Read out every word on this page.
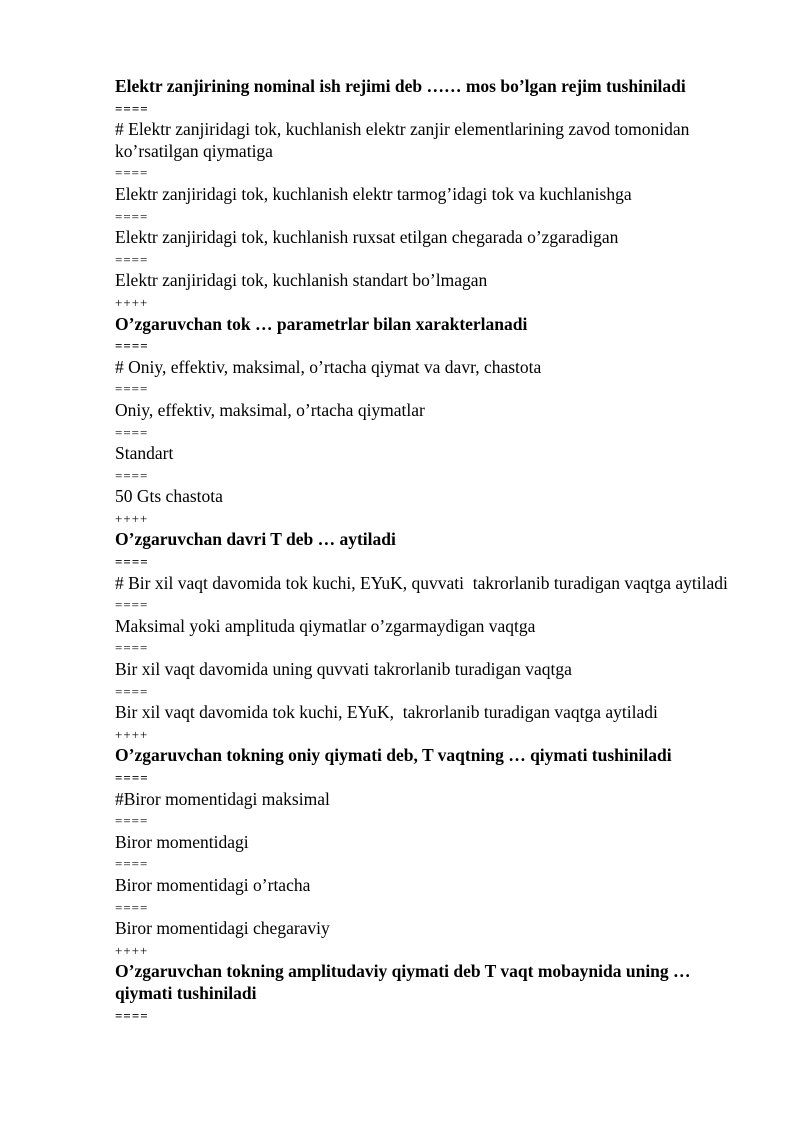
Elektr zanjirining nominal ish rejimi deb …… mos bo’lgan rejim tushiniladi

====

# Elektr zanjiridagi tok, kuchlanish elektr zanjir elementlarining zavod tomonidan ko’rsatilgan qiymatiga

====

Elektr zanjiridagi tok, kuchlanish elektr tarmog’idagi tok va kuchlanishga

====

Elektr zanjiridagi tok, kuchlanish ruxsat etilgan chegarada o’zgaradigan

====

Elektr zanjiridagi tok, kuchlanish standart bo’lmagan

++++

O’zgaruvchan tok … parametrlar bilan xarakterlanadi

====

# Oniy, effektiv, maksimal, o’rtacha qiymat va davr, chastota

====

Oniy, effektiv, maksimal, o’rtacha qiymatlar

====

Standart

====

50 Gts chastota

++++

O’zgaruvchan davri T deb … aytiladi

====

# Bir xil vaqt davomida tok kuchi, EYuK, quvvati  takrorlanib turadigan vaqtga aytiladi

====

Maksimal yoki amplituda qiymatlar o’zgarmaydigan vaqtga

====

Bir xil vaqt davomida uning quvvati takrorlanib turadigan vaqtga

====

Bir xil vaqt davomida tok kuchi, EYuK,  takrorlanib turadigan vaqtga aytiladi

++++

O’zgaruvchan tokning oniy qiymati deb, T vaqtning … qiymati tushiniladi

====

#Biror momentidagi maksimal

====

Biror momentidagi

====

Biror momentidagi o’rtacha

====

Biror momentidagi chegaraviy

++++

O’zgaruvchan tokning amplitudaviy qiymati deb T vaqt mobaynida uning … qiymati tushiniladi

====
